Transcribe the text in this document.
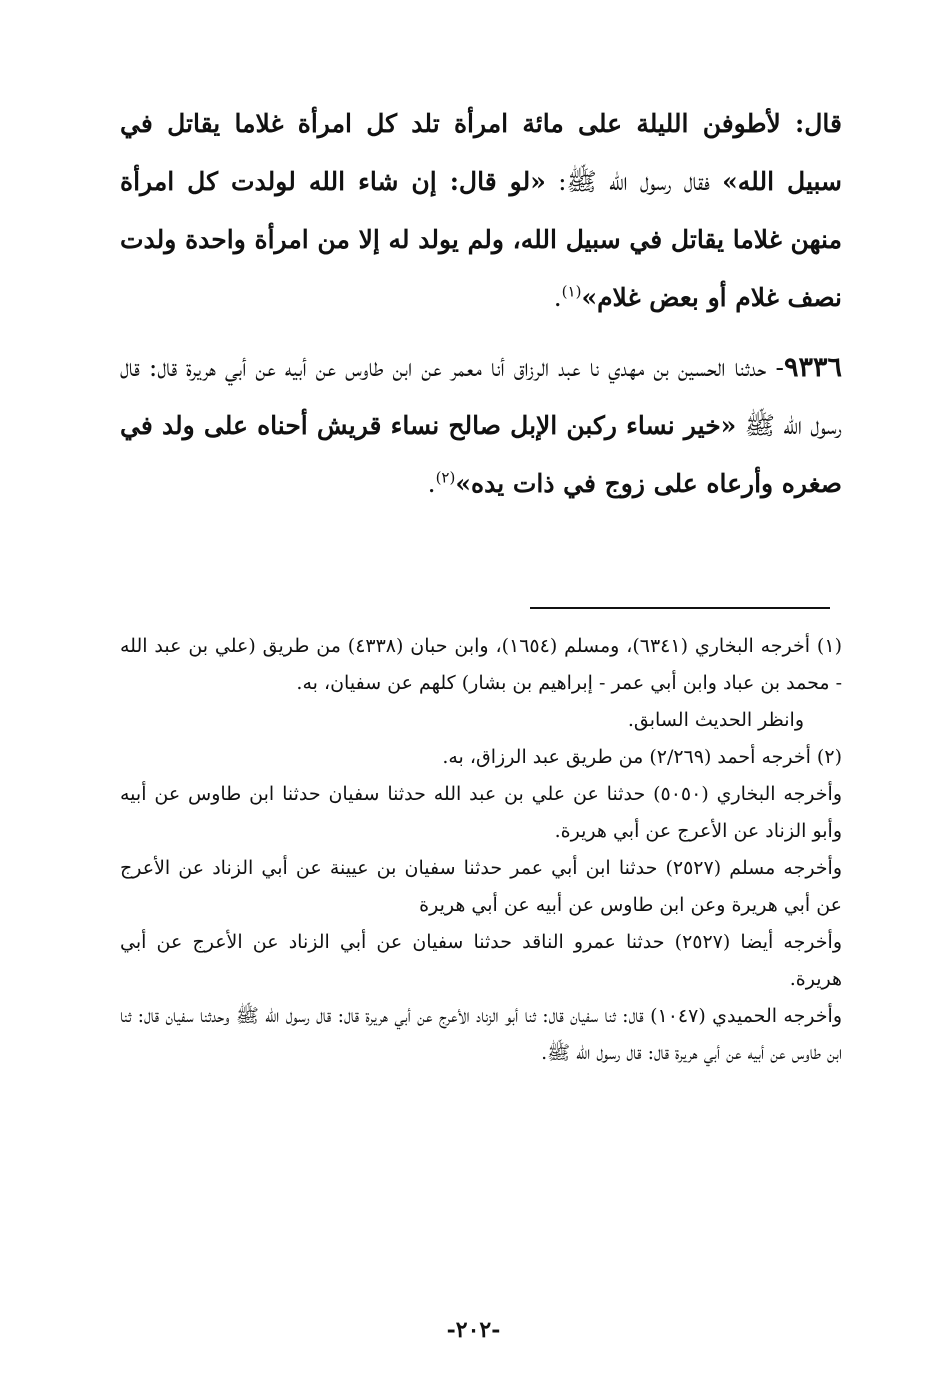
قال: لأطوفن الليلة على مائة امرأة تلد كل امرأة غلاما يقاتل في سبيل الله» فقال رسول الله ﷺ: «لو قال: إن شاء الله لولدت كل امرأة منهن غلاما يقاتل في سبيل الله، ولم يولد له إلا من امرأة واحدة ولدت نصف غلام أو بعض غلام»$^{(١)}$.

٩٣٣٦- حدثنا الحسين بن مهدي نا عبد الرزاق أنا معمر عن ابن طاوس عن أبيه عن أبي هريرة قال: قال رسول الله ﷺ «خير نساء ركبن الإبل صالح نساء قريش أحناه على ولد في صغره وأرعاه على زوج في ذات يده»$^{(٢)}$.

(١) أخرجه البخاري (٦٣٤١)، ومسلم (١٦٥٤)، وابن حبان (٤٣٣٨) من طريق (علي بن عبد الله - محمد بن عباد وابن أبي عمر - إبراهيم بن بشار) كلهم عن سفيان، به.

وانظر الحديث السابق.

(٢) أخرجه أحمد (٢/٢٦٩) من طريق عبد الرزاق، به.

وأخرجه البخاري (٥٠٥٠) حدثنا عن علي بن عبد الله حدثنا سفيان حدثنا ابن طاوس عن أبيه وأبو الزناد عن الأعرج عن أبي هريرة.

وأخرجه مسلم (٢٥٢٧) حدثنا ابن أبي عمر حدثنا سفيان بن عيينة عن أبي الزناد عن الأعرج عن أبي هريرة وعن ابن طاوس عن أبيه عن أبي هريرة

وأخرجه أيضا (٢٥٢٧) حدثنا عمرو الناقد حدثنا سفيان عن أبي الزناد عن الأعرج عن أبي هريرة.

وأخرجه الحميدي (١٠٤٧) قال: ثنا سفيان قال: ثنا أبو الزناد الأعرج عن أبي هريرة قال: قال رسول الله ﷺ وحدثنا سفيان قال: ثنا ابن طاوس عن أبيه عن أبي هريرة قال: قال رسول الله ﷺ.

-٢٠٢-
